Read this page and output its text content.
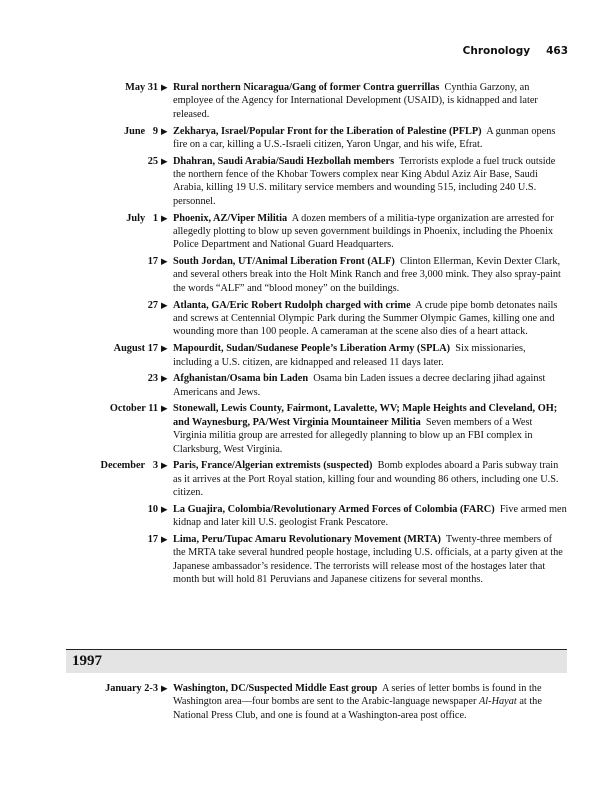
Chronology 463
May 31 ▶ Rural northern Nicaragua/Gang of former Contra guerrillas Cynthia Garzony, an employee of the Agency for International Development (USAID), is kidnapped and later released.
June   9 ▶ Zekharya, Israel/Popular Front for the Liberation of Palestine (PFLP) A gunman opens fire on a car, killing a U.S.-Israeli citizen, Yaron Ungar, and his wife, Efrat.
25 ▶ Dhahran, Saudi Arabia/Saudi Hezbollah members Terrorists explode a fuel truck outside the northern fence of the Khobar Towers complex near King Abdul Aziz Air Base, Saudi Arabia, killing 19 U.S. military service members and wounding 515, including 240 U.S. personnel.
July   1 ▶ Phoenix, AZ/Viper Militia A dozen members of a militia-type organization are arrested for allegedly plotting to blow up seven government buildings in Phoenix, including the Phoenix Police Department and National Guard Headquarters.
17 ▶ South Jordan, UT/Animal Liberation Front (ALF) Clinton Ellerman, Kevin Dexter Clark, and several others break into the Holt Mink Ranch and free 3,000 mink. They also spray-paint the words “ALF” and “blood money” on the buildings.
27 ▶ Atlanta, GA/Eric Robert Rudolph charged with crime A crude pipe bomb detonates nails and screws at Centennial Olympic Park during the Summer Olympic Games, killing one and wounding more than 100 people. A cameraman at the scene also dies of a heart attack.
August 17 ▶ Mapourdit, Sudan/Sudanese People’s Liberation Army (SPLA) Six missionaries, including a U.S. citizen, are kidnapped and released 11 days later.
23 ▶ Afghanistan/Osama bin Laden Osama bin Laden issues a decree declaring jihad against Americans and Jews.
October 11 ▶ Stonewall, Lewis County, Fairmont, Lavalette, WV; Maple Heights and Cleveland, OH; and Waynesburg, PA/West Virginia Mountaineer Militia Seven members of a West Virginia militia group are arrested for allegedly planning to blow up an FBI complex in Clarksburg, West Virginia.
December   3 ▶ Paris, France/Algerian extremists (suspected) Bomb explodes aboard a Paris subway train as it arrives at the Port Royal station, killing four and wounding 86 others, including one U.S. citizen.
10 ▶ La Guajira, Colombia/Revolutionary Armed Forces of Colombia (FARC) Five armed men kidnap and later kill U.S. geologist Frank Pescatore.
17 ▶ Lima, Peru/Tupac Amaru Revolutionary Movement (MRTA) Twenty-three members of the MRTA take several hundred people hostage, including U.S. officials, at a party given at the Japanese ambassador’s residence. The terrorists will release most of the hostages later that month but will hold 81 Peruvians and Japanese citizens for several months.
1997
January 2-3 ▶ Washington, DC/Suspected Middle East group A series of letter bombs is found in the Washington area—four bombs are sent to the Arabic-language newspaper Al-Hayat at the National Press Club, and one is found at a Washington-area post office.
